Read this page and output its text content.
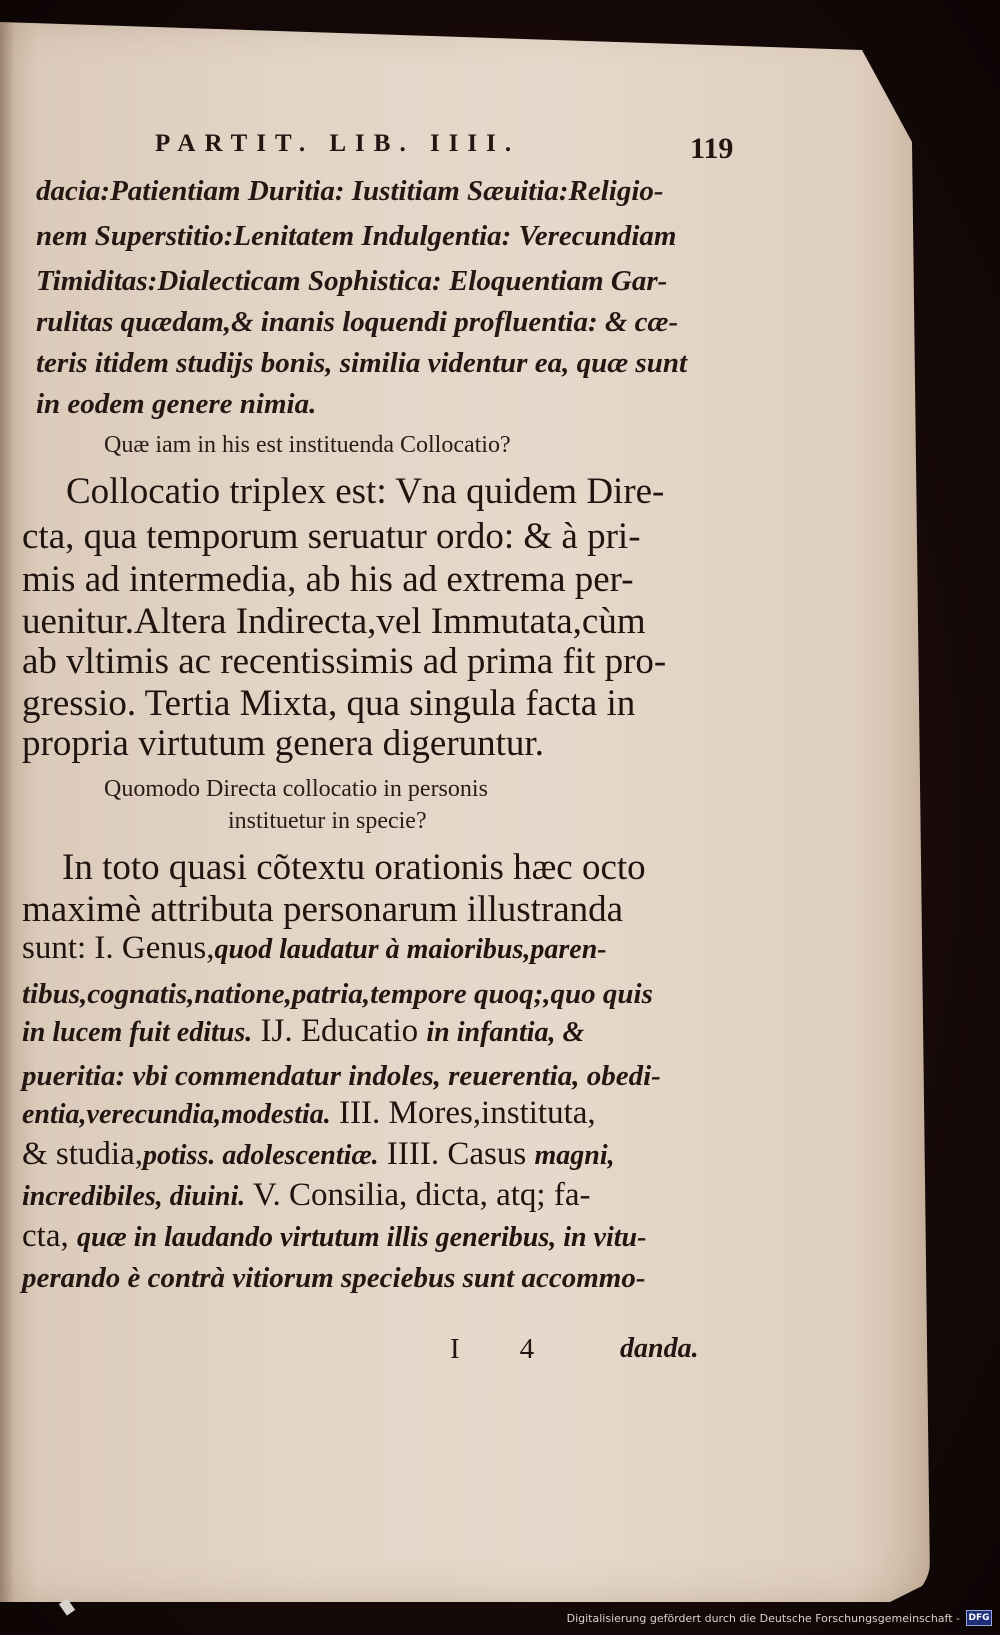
PARTIT. LIB. IIII.	119
dacia:Patientiam Duritia: Iustitiam Sæuitia:Religio-
nem Superstitio:Lenitatem Indulgentia: Verecundiam
Timiditas:Dialecticam Sophistica: Eloquentiam Gar-
rulitas quædam,& inanis loquendi profluentia: & cæ-
teris itidem studijs bonis, similia videntur ea, quæ sunt
in eodem genere nimia.
Quæ iam in his est instituenda Collocatio?
Collocatio triplex est: Vna quidem Dire-
cta, qua temporum seruatur ordo: & à pri-
mis ad intermedia, ab his ad extrema per-
uenitur.Altera Indirecta,vel Immutata,cùm
ab vltimis ac recentissimis ad prima fit pro-
gressio. Tertia Mixta, qua singula facta in
propria virtutum genera digeruntur.
Quomodo Directa collocatio in personis
instituetur in specie?
In toto quasi cõtextu orationis hæc octo
maximè attributa personarum illustranda
sunt: I. Genus,quod laudatur à maioribus,paren-
tibus,cognatis,natione,patria,tempore quoq;,quo quis
in lucem fuit editus. IJ. Educatio in infantia, &
pueritia: vbi commendatur indoles, reuerentia, obedi-
entia,verecundia,modestia. III. Mores,instituta,
& studia,potiss. adolescentiæ. IIII. Casus magni,
incredibiles, diuini. V. Consilia, dicta, atq; fa-
cta, quæ in laudando virtutum illis generibus, in vitu-
perando è contrà vitiorum speciebus sunt accommo-
I 4	danda.
Digitalisierung gefördert durch die Deutsche Forschungsgemeinschaft - DFG
